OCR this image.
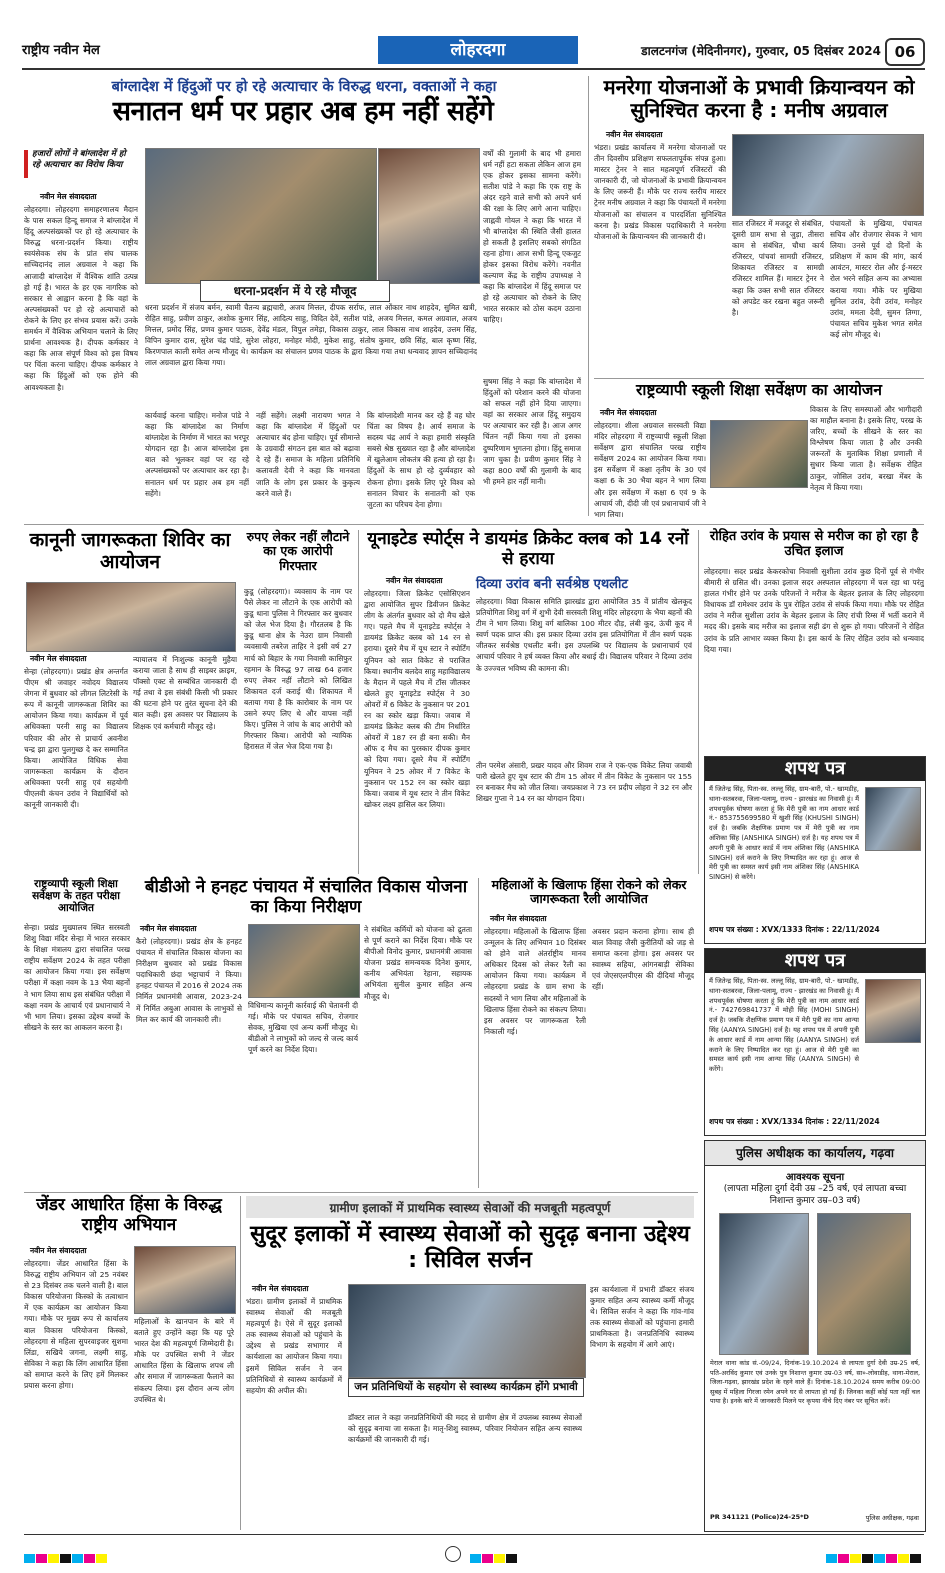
राष्ट्रीय नवीन मेल	लोहरदगा	डालटनगंज (मेदिनीनगर), गुरुवार, 05 दिसंबर 2024 06
बांग्लादेश में हिंदुओं पर हो रहे अत्याचार के विरुद्ध धरना, वक्ताओं ने कहा
सनातन धर्म पर प्रहार अब हम नहीं सहेंगे
हजारों लोगों ने बांग्लादेश में हो रहे अत्याचार का विरोध किया
नवीन मेल संवाददाता
लोहरदगा। लोहरदगा समाहरणालय मैदान के पास सकल हिन्दू समाज ने बांग्लादेश में हिंदू अल्पसंख्यकों पर हो रहे अत्याचार के विरुद्ध धरना-प्रदर्शन किया। राष्ट्रीय स्वयंसेवक संघ के प्रांत संघ चालक सच्चिदानंद लाल अग्रवाल ने कहा कि आजादी बांग्लादेश में वैश्विक शांति उत्पन्न हो गई है। भारत के हर एक नागरिक को सरकार से आह्वान करना है कि वहां के अल्पसंख्यकों पर हो रहे अत्याचारों को रोकने के लिए हर संभव प्रयास करें। उनके समर्थन में वैश्विक अभियान चलाने के लिए प्रार्थना आवश्यक है। दीपक कर्मकार ने कहा कि आज संपूर्ण विश्व को इस विषय पर चिंता करना चाहिए। दीपक कर्मकार ने कहा कि हिंदुओं को एक होने की आवश्यकता है।
धरना-प्रदर्शन में ये रहे मौजूद
धरना प्रदर्शन में संजय बर्मन, स्वामी चैतन्य ब्रह्मचारी, अजय मित्तल, दीपक सर्राफ, लाल ओंकार नाथ शाहदेव, सुमित खत्री, रोहित साहु, प्रवीण ठाकुर, अशोक कुमार सिंह, आदित्य साहु, विदित देवें, सतीश पांडे, अजय मित्तल, कमल अग्रवाल, अजय मित्तल, प्रमोद सिंह, प्रणव कुमार पाठक, देवेंद्र मंडल, विपुल तमेड़ा, विकास ठाकुर, लाल विकास नाथ शाहदेव, उत्तम सिंह, विपिन कुमार दास, सुरेश चंद्र पांडे, सुरेश लोहरा, मनोहर मोदी, मुकेश साहु, संतोष कुमार, छवि सिंह, बाल कृष्ण सिंह, किरणपाल काली समेत अन्य मौजूद थे। कार्यक्रम का संचालन प्रणव पाठक के द्वारा किया गया तथा धन्यवाद ज्ञापन सच्चिदानंद लाल अग्रवाल द्वारा किया गया।
कार्यवाई करना चाहिए। मनोज पांडे ने कहा कि बांग्लादेश का निर्माण बांग्लादेश के निर्माण में भारत का भरपूर योगदान रहा है। आज बांग्लादेश इस बात को भूलकर वहां पर रह रहे अल्पसंख्यकों पर अत्याचार कर रहा है। सनातन धर्म पर प्रहार अब हम नहीं सहेंगे।
नहीं सहेंगे। लक्ष्मी नारायण भगत ने कहा कि बांग्लादेश में हिंदुओं पर अत्याचार बंद होना चाहिए। पूर्व सीमान्ते के उग्रवादी संगठन इस बात को बढ़ावा दे रहे हैं। समाज के महिला प्रतिनिधि कलावती देवी ने कहा कि मानवता जाति के लोग इस प्रकार के कुकृत्य करने वाले हैं।
कि बांग्लादेशी मानव कर रहे हैं वह घोर चिंता का विषय है। आर्य समाज के सदस्य चंद्र आर्य ने कहा हमारी संस्कृति सबसे श्रेष्ठ सुख्यात रहा है और बांग्लादेश में खुलेआम लोकतंत्र की हत्या हो रहा है। हिंदुओं के साथ हो रहे दुर्व्यवहार को रोकना होगा। इसके लिए पूरे विश्व को सनातन विचार के सनातनी को एक जुटता का परिचय देना होगा।
वर्षों की गुलामी के बाद भी हमारा धर्म नहीं हटा सकता लेकिन आज हम एक होकर इसका सामना करेंगे। सतीश पांडे ने कहा कि एक राष्ट्र के अंदर रहने वाले सभी को अपने धर्म की रक्षा के लिए आगे आना चाहिए। जाह्नवी गोयल ने कहा कि भारत में भी बांग्लादेश की स्थिति जैसी हालत हो सकती है इसलिए सबको संगठित रहना होगा। आज सभी हिन्दू एकजुट होकर इसका विरोध करेंगे। नवनीत कल्याण केंद्र के राष्ट्रीय उपाध्यक्ष ने कहा कि बांग्लादेश में हिंदू समाज पर हो रहे अत्याचार को रोकने के लिए भारत सरकार को ठोस कदम उठाना चाहिए।
सुषमा सिंह ने कहा कि बांग्लादेश में हिंदुओं को परेशान करने की योजना को सफल नहीं होने दिया जाएगा। वहां का सरकार आज हिंदू समुदाय पर अत्याचार कर रही है। आज अगर चिंतन नहीं किया गया तो इसका दुष्परिणाम भुगतना होगा। हिंदू समाज जाग चुका है। प्रवीण कुमार सिंह ने कहा 800 वर्षों की गुलामी के बाद भी हमने हार नहीं मानी।
मनरेगा योजनाओं के प्रभावी क्रियान्वयन को सुनिश्चित करना है : मनीष अग्रवाल
नवीन मेल संवाददाता
भंडरा। प्रखंड कार्यालय में मनरेगा योजनाओं पर तीन दिवसीय प्रशिक्षण सफलतापूर्वक संपन्न हुआ। मास्टर ट्रेनर ने सात महत्वपूर्ण रजिस्टरों की जानकारी दी, जो योजनाओं के प्रभावी क्रियान्वयन के लिए जरूरी हैं। मौके पर राज्य स्तरीय मास्टर ट्रेनर मनीष अग्रवाल ने कहा कि पंचायतों में मनरेगा योजनाओं का संचालन व पारदर्शिता सुनिश्चित करना है। प्रखंड विकास पदाधिकारी ने मनरेगा योजनाओं के क्रियान्वयन की जानकारी दी।
सात रजिस्टर में मजदूर से संबंधित, दूसरी ग्राम सभा से जुड़ा, तीसरा काम से संबंधित, चौथा कार्य रजिस्टर, पांचवां सामग्री रजिस्टर, शिकायत रजिस्टर व सामग्री रजिस्टर शामिल हैं। मास्टर ट्रेनर ने कहा कि उक्त सभी सात रजिस्टर को अपडेट कर रखना बहुत जरूरी है।
पंचायतों के मुखिया, पंचायत सचिव और रोजगार सेवक ने भाग लिया। उनसे पूर्व दो दिनों के प्रशिक्षण में काम की मांग, कार्य आवंटन, मास्टर रोल और ई-मस्टर रोल भरने सहित अन्य का अभ्यास कराया गया। मौके पर मुखिया सुनिल उरांव, देवी उरांव, मनोहर उरांव, ममता देवी, सुमन तिग्गा, पंचायत सचिव मुकेश भगत समेत कई लोग मौजूद थे।
राष्ट्रव्यापी स्कूली शिक्षा सर्वेक्षण का आयोजन
नवीन मेल संवाददाता
लोहरदगा। शीला अग्रवाल सरस्वती विद्या मंदिर लोहरदगा में राष्ट्रव्यापी स्कूली शिक्षा सर्वेक्षण द्वारा संचालित परख राष्ट्रीय सर्वेक्षण 2024 का आयोजन किया गया। इस सर्वेक्षण में कक्षा तृतीय के 30 एवं कक्षा 6 के 30 भैया बहन ने भाग लिया और इस सर्वेक्षण में कक्षा 6 एवं 9 के आचार्य जी, दीदी जी एवं प्रधानाचार्य जी ने भाग लिया।
विकास के लिए समस्याओं और भागीदारी का माहौल बनाना है। इसके लिए, परख के जरिए, बच्चों के सीखने के स्तर का विश्लेषण किया जाता है और उनकी जरूरतों के मुताबिक शिक्षा प्रणाली में सुधार किया जाता है। सर्वेक्षक रोहित ठाकुर, जोसिल उरांव, बरखा मेंबर के नेतृत्व में किया गया।
कानूनी जागरूकता शिविर का आयोजन
नवीन मेल संवाददाता
सेन्हा (लोहरदगा)। प्रखंड क्षेत्र अन्तर्गत पीएम श्री जवाहर नवोदय विद्यालय जेगना में बुधवार को लीगल लिटरेसी के रूप में कानूनी जागरूकता शिविर का आयोजन किया गया। कार्यक्रम में पूर्व अधिवक्ता परनी साहु का विद्यालय परिवार की ओर से प्राचार्य अवनीश चन्द्र झा द्वारा पुलगुच्छ दे कर सम्मानित किया। आयोजित विधिक सेवा जागरूकता कार्यक्रम के दौरान अधिवक्ता परनी साहु एवं सहयोगी पीएलवी कंचन उरांव ने विद्यार्थियों को कानूनी जानकारी दी।
न्यायालय में निःशुल्क कानूनी मुहैया कराया जाता है साथ ही साइबर क्राइम, पॉक्सो एक्ट से सम्बंधित जानकारी दी गई तथा वे इस संबंधी किसी भी प्रकार की घटना होने पर तुरंत सूचना देने की बात कही। इस अवसर पर विद्यालय के शिक्षक एवं कर्मचारी मौजूद रहे।
रुपए लेकर नहीं लौटाने का एक आरोपी गिरफ्तार
कुडू (लोहरदगा)। व्यवसाय के नाम पर पैसे लेकर ना लौटाने के एक आरोपी को कुडू थाना पुलिस ने गिरफ्तार कर बुधवार को जेल भेज दिया है। गौरतलब है कि कुडू थाना क्षेत्र के नेउरा ग्राम निवासी व्यवसायी तबरेज ताहिर ने इसी वर्ष 27 मार्च को बिहार के गया निवासी कासिफुर रहमान के विरुद्ध 97 लाख 64 हजार रुपए लेकर नहीं लौटाने को लिखित शिकायत दर्ज कराई थी। शिकायत में बताया गया है कि कारोबार के नाम पर उसने रुपए लिए थे और वापस नहीं किए। पुलिस ने जांच के बाद आरोपी को गिरफ्तार किया। आरोपी को न्यायिक हिरासत में जेल भेज दिया गया है।
यूनाइटेड स्पोर्ट्स ने डायमंड क्रिकेट क्लब को 14 रनों से हराया
नवीन मेल संवाददाता
लोहरदगा। जिला क्रिकेट एसोसिएशन द्वारा आयोजित सुपर डिवीजन क्रिकेट लीग के अंतर्गत बुधवार को दो मैच खेले गए। पहले मैच में यूनाइटेड स्पोर्ट्स ने डायमंड क्रिकेट क्लब को 14 रन से हराया। दूसरे मैच में यूथ स्टार ने स्पोर्टिंग यूनियन को सात विकेट से पराजित किया। स्थानीय बलदेव साहु महाविद्यालय के मैदान में पहले मैच में टॉस जीतकर खेलते हुए यूनाइटेड स्पोर्ट्स ने 30 ओवरों में 6 विकेट के नुकसान पर 201 रन का स्कोर खड़ा किया। जवाब में डायमंड क्रिकेट क्लब की टीम निर्धारित ओवरों में 187 रन ही बना सकी। मैन ऑफ द मैच का पुरस्कार दीपक कुमार को दिया गया। दूसरे मैच में स्पोर्टिंग यूनियन ने 25 ओवर में 7 विकेट के नुकसान पर 152 रन का स्कोर खड़ा किया। जवाब में यूथ स्टार ने तीन विकेट खोकर लक्ष्य हासिल कर लिया।
दिव्या उरांव बनी सर्वश्रेष्ठ एथलीट
लोहरदगा। विद्या विकास समिति झारखंड द्वारा आयोजित 35 वें प्रांतीय खेलकूद प्रतियोगिता शिशु वर्ग में शुभी देवी सरस्वती शिशु मंदिर लोहरदगा के भैया बहनों की टीम ने भाग लिया। शिशु वर्ग बालिका 100 मीटर दौड़, लंबी कूद, ऊंची कूद में स्वर्ण पदक प्राप्त की। इस प्रकार दिव्या उरांव इस प्रतियोगिता में तीन स्वर्ण पदक जीतकर सर्वश्रेष्ठ एथलीट बनी। इस उपलब्धि पर विद्यालय के प्रधानाचार्य एवं आचार्य परिवार ने हर्ष व्यक्त किया और बधाई दी। विद्यालय परिवार ने दिव्या उरांव के उज्ज्वल भविष्य की कामना की।
तीन परमेश अंसारी, प्रखर यादव और शिवम राज ने एक-एक विकेट लिया जवाबी पारी खेलते हुए यूथ स्टार की टीम 15 ओवर में तीन विकेट के नुकसान पर 155 रन बनाकर मैच को जीत लिया। जयप्रकाश ने 73 रन प्रदीप लोहरा ने 32 रन और शिखर गुप्ता ने 14 रन का योगदान दिया।
रोहित उरांव के प्रयास से मरीज का हो रहा है उचित इलाज
लोहरदगा। सदर प्रखंड केकरकोचा निवासी सुशीला उरांव कुछ दिनों पूर्व से गंभीर बीमारी से ग्रसित थी। उनका इलाज सदर अस्पताल लोहरदगा में चल रहा था परंतु हालत गंभीर होने पर उनके परिजनों ने मरीज के बेहतर इलाज के लिए लोहरदगा विधायक डॉ रामेश्वर उरांव के पुत्र रोहित उरांव से संपर्क किया गया। मौके पर रोहित उरांव ने मरीज सुशीला उरांव के बेहतर इलाज के लिए रांची रिम्स में भर्ती कराने में मदद की। इसके बाद मरीज का इलाज सही ढंग से शुरू हो गया। परिजनों ने रोहित उरांव के प्रति आभार व्यक्त किया है। इस कार्य के लिए रोहित उरांव को धन्यवाद दिया गया।
शपथ पत्र
मैं जितेन्द्र सिंह, पिता-स्व. लल्लू सिंह, ग्राम-बारी, पो.- खामडीह, थाना-सतबरवा, जिला-पलामू, राज्य - झारखंड का निवासी हूं। मैं शपथपूर्वक घोषणा करता हूं कि मेरी पुत्री का नाम आधार कार्ड नं.- 853755699580 में खुशी सिंह (KHUSHI SINGH) दर्ज है। जबकि शैक्षणिक प्रमाण पत्र में मेरी पुत्री का नाम अंशिका सिंह (ANSHIKA SINGH) दर्ज है। यह शपथ पत्र में अपनी पुत्री के आधार कार्ड में नाम अंशिका सिंह (ANSHIKA SINGH) दर्ज कराने के लिए निष्पादित कर रहा हूं। आज से मेरी पुत्री का समस्त कार्य इसी नाम अंशिका सिंह (ANSHIKA SINGH) से करेंगे।
शपथ पत्र संख्या : XVX/1333 दिनांक : 22/11/2024
राष्ट्रव्यापी स्कूली शिक्षा सर्वेक्षण के तहत परीक्षा आयोजित
सेन्हा। प्रखंड मुख्यालय स्थित सरस्वती शिशु विद्या मंदिर सेन्हा में भारत सरकार के शिक्षा मंत्रालय द्वारा संचालित परख राष्ट्रीय सर्वेक्षण 2024 के तहत परीक्षा का आयोजन किया गया। इस सर्वेक्षण परीक्षा में कक्षा नवम के 13 भैया बहनों ने भाग लिया साथ इस संबंधित परीक्षा में कक्षा नवम के आचार्य एवं प्रधानाचार्य ने भी भाग लिया। इसका उद्देश्य बच्चों के सीखने के स्तर का आकलन करना है।
बीडीओ ने हनहट पंचायत में संचालित विकास योजना का किया निरीक्षण
नवीन मेल संवाददाता
कैरो (लोहरदगा)। प्रखंड क्षेत्र के हनहट पंचायत में संचालित विकास योजना का निरीक्षण बुधवार को प्रखंड विकास पदाधिकारी छंदा भट्टाचार्य ने किया। हनहट पंचायत में 2016 से 2024 तक निर्मित प्रधानमंत्री आवास, 2023-24 में निर्मित अबुआ आवास के लाभुकों से मिल कर कार्य की जानकारी ली।
विधिमान्य कानूनी कार्रवाई की चेतावनी दी गई। मौके पर पंचायत सचिव, रोजगार सेवक, मुखिया एवं अन्य कर्मी मौजूद थे। बीडीओ ने लाभुकों को जल्द से जल्द कार्य पूर्ण करने का निर्देश दिया।
ने संबंधित कर्मियों को योजना को द्रुतता से पूर्ण कराने का निर्देश दिया। मौके पर बीपीओ विनोद कुमार, प्रधानमंत्री आवास योजना प्रखंड समन्वयक दिनेश कुमार, कनीय अभियंता रेहाना, सहायक अभियंता सुनील कुमार सहित अन्य मौजूद थे।
महिलाओं के खिलाफ हिंसा रोकने को लेकर जागरूकता रैली आयोजित
नवीन मेल संवाददाता
लोहरदगा। महिलाओं के खिलाफ हिंसा उन्मूलन के लिए अभियान 10 दिसंबर को होने वाले अंतर्राष्ट्रीय मानव अधिकार दिवस को लेकर रैली का आयोजन किया गया। कार्यक्रम में लोहरदगा प्रखंड के ग्राम सभा के सदस्यों ने भाग लिया और महिलाओं के खिलाफ हिंसा रोकने का संकल्प लिया। इस अवसर पर जागरूकता रैली निकाली गई।
अवसर प्रदान कराना होगा। साथ ही बाल विवाह जैसी कुरीतियों को जड़ से समाप्त करना होगा। इस अवसर पर स्वास्थ्य सहिया, आंगनबाड़ी सेविका एवं जेएसएलपीएस की दीदियां मौजूद रहीं।
शपथ पत्र
मैं जितेन्द्र सिंह, पिता-स्व. लल्लू सिंह, ग्राम-बारी, पो.- खामडीह, थाना-सतबरवा, जिला-पलामू, राज्य - झारखंड का निवासी हूं। मैं शपथपूर्वक घोषणा करता हूं कि मेरी पुत्री का नाम आधार कार्ड नं.- 742769841737 में मोही सिंह (MOHI SINGH) दर्ज है। जबकि शैक्षणिक प्रमाण पत्र में मेरी पुत्री का नाम आन्या सिंह (AANYA SINGH) दर्ज है। यह शपथ पत्र में अपनी पुत्री के आधार कार्ड में नाम आन्या सिंह (AANYA SINGH) दर्ज कराने के लिए निष्पादित कर रहा हूं। आज से मेरी पुत्री का समस्त कार्य इसी नाम आन्या सिंह (AANYA SINGH) से करेंगे।
शपथ पत्र संख्या : XVX/1334 दिनांक : 22/11/2024
पुलिस अधीक्षक का कार्यालय, गढ़वा
आवश्यक सूचना
(लापता महिला दुर्गा देवी उम्र –25 वर्ष, एवं लापता बच्चा निशान्त कुमार उम्र–03 वर्ष)
मेराल थाना कांड सं.-09/24, दिनांक-19.10.2024 से लापता दुर्गा देवी उम्र-25 वर्ष, पति-अरविंद कुमार एवं उनके पुत्र निशान्त कुमार उम्र-03 वर्ष, सा०-लोवाडीह, थाना-मेराल, जिला-गढ़वा, झारखंड प्रदेश के रहने वाले हैं। दिनांक-18.10.2024 समय करीब 09:00 सुबह में महिला गिरजा रमेन अपने घर से लापता हो गई हैं। जिनका कहीं कोई पता नहीं चल पाया है। इनके बारे में जानकारी मिलने पर कृपया नीचे दिए नंबर पर सूचित करें।
PR 341121 (Police)24-25*D	पुलिस अधीक्षक, गढ़वा
जेंडर आधारित हिंसा के विरुद्ध राष्ट्रीय अभियान
नवीन मेल संवाददाता
लोहरदगा। जेंडर आधारित हिंसा के विरुद्ध राष्ट्रीय अभियान जो 25 नवंबर से 23 दिसंबर तक चलने वाली है। बाल विकास परियोजना किस्को के तत्वाधान में एक कार्यक्रम का आयोजन किया गया। मौके पर मुख्य रूप से कार्यालय बाल विकास परियोजना किस्को, लोहरदगा से महिला सुपरवाइजर सुशमा लिंडा, सखिये जगना, लक्ष्मी साहु, सेविका ने कहा कि लिंग आधारित हिंसा को समाप्त करने के लिए हमें मिलकर प्रयास करना होगा।
महिलाओं के खानपान के बारे में बताते हुए उन्होंने कहा कि यह पूरे भारत देश की महत्वपूर्ण जिम्मेदारी है। मौके पर उपस्थित सभी ने जेंडर आधारित हिंसा के खिलाफ शपथ ली और समाज में जागरूकता फैलाने का संकल्प लिया। इस दौरान अन्य लोग उपस्थित थे।
ग्रामीण इलाकों में प्राथमिक स्वास्थ्य सेवाओं की मजबूती महत्वपूर्ण
सुदूर इलाकों में स्वास्थ्य सेवाओं को सुदृढ़ बनाना उद्देश्य : सिविल सर्जन
नवीन मेल संवाददाता
भंडरा। ग्रामीण इलाकों में प्राथमिक स्वास्थ्य सेवाओं की मजबूती महत्वपूर्ण है। ऐसे में सुदूर इलाकों तक स्वास्थ्य सेवाओं को पहुंचाने के उद्देश्य से प्रखंड सभागार में कार्यशाला का आयोजन किया गया। इसमें सिविल सर्जन ने जन प्रतिनिधियों से स्वास्थ्य कार्यक्रमों में सहयोग की अपील की।	जन प्रतिनिधियों के सहयोग से स्वास्थ्य कार्यक्रम होंगे प्रभावी
डॉक्टर लाल ने कहा जनप्रतिनिधियों की मदद से ग्रामीण क्षेत्र में उपलब्ध स्वास्थ्य सेवाओं को सुदृढ़ बनाया जा सकता है। मातृ-शिशु स्वास्थ्य, परिवार नियोजन सहित अन्य स्वास्थ्य कार्यक्रमों की जानकारी दी गई।
इस कार्यशाला में प्रभारी डॉक्टर संजय कुमार सहित अन्य स्वास्थ्य कर्मी मौजूद थे। सिविल सर्जन ने कहा कि गांव-गांव तक स्वास्थ्य सेवाओं को पहुंचाना हमारी प्राथमिकता है। जनप्रतिनिधि स्वास्थ्य विभाग के सहयोग में आगे आएं।
